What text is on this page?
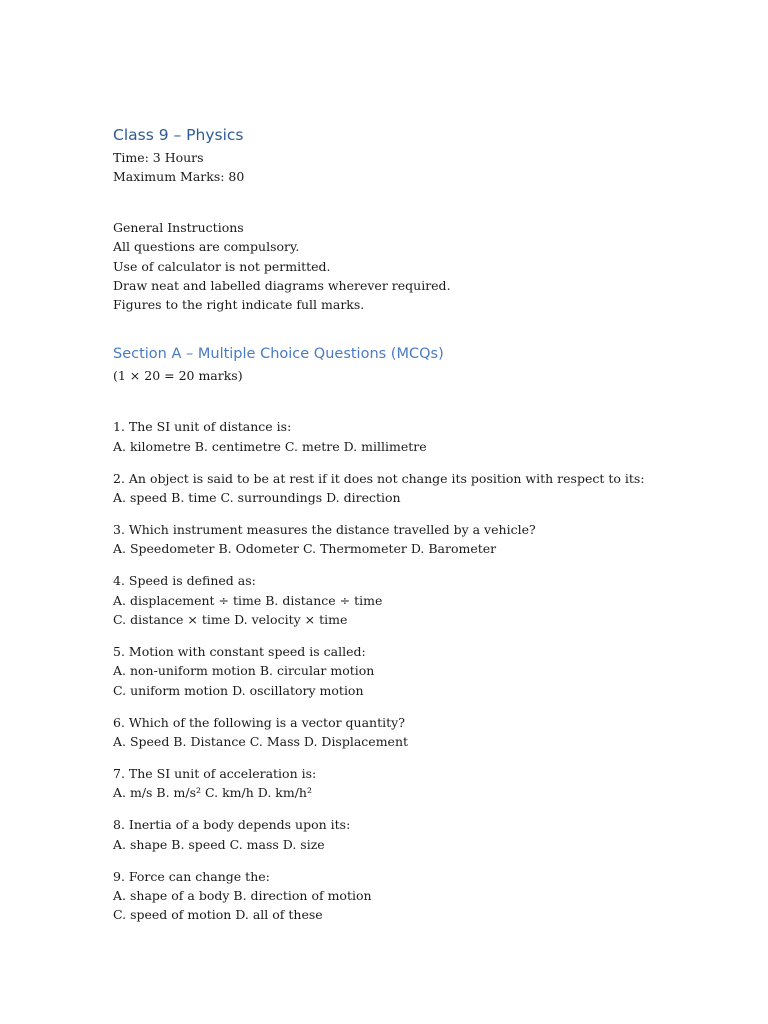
Class 9 – Physics
Time: 3 Hours
Maximum Marks: 80
General Instructions
All questions are compulsory.
Use of calculator is not permitted.
Draw neat and labelled diagrams wherever required.
Figures to the right indicate full marks.
Section A – Multiple Choice Questions (MCQs)
(1 × 20 = 20 marks)
1. The SI unit of distance is:
A. kilometre B. centimetre C. metre D. millimetre
2. An object is said to be at rest if it does not change its position with respect to its:
A. speed B. time C. surroundings D. direction
3. Which instrument measures the distance travelled by a vehicle?
A. Speedometer B. Odometer C. Thermometer D. Barometer
4. Speed is defined as:
A. displacement ÷ time B. distance ÷ time
C. distance × time D. velocity × time
5. Motion with constant speed is called:
A. non-uniform motion B. circular motion
C. uniform motion D. oscillatory motion
6. Which of the following is a vector quantity?
A. Speed B. Distance C. Mass D. Displacement
7. The SI unit of acceleration is:
A. m/s B. m/s² C. km/h D. km/h²
8. Inertia of a body depends upon its:
A. shape B. speed C. mass D. size
9. Force can change the:
A. shape of a body B. direction of motion
C. speed of motion D. all of these
